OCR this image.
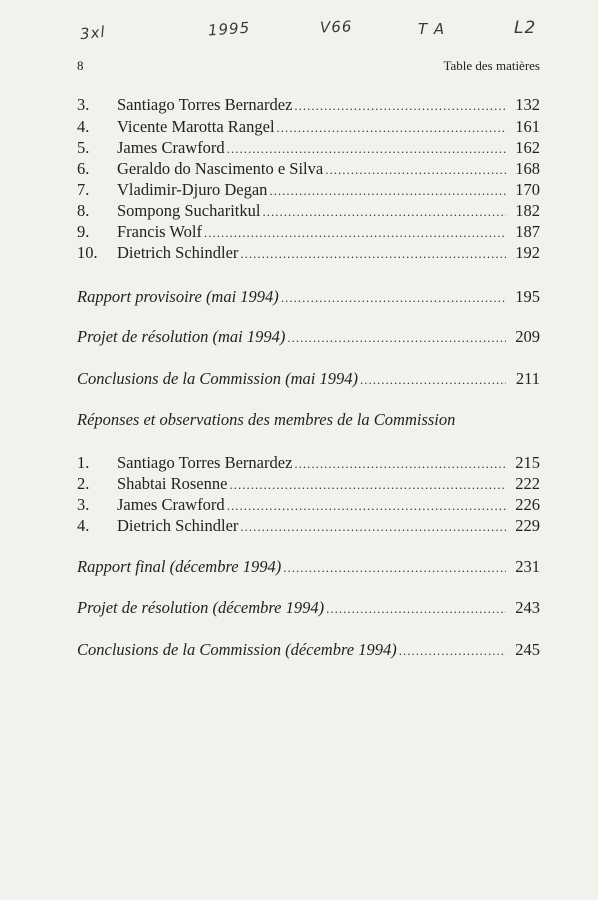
3xl	1995	V66	T A	L2
8	Table des matières
3.	Santiago Torres Bernardez .....	132
4.	Vicente Marotta Rangel .....	161
5.	James Crawford .....	162
6.	Geraldo do Nascimento e Silva .....	168
7.	Vladimir-Djuro Degan .....	170
8.	Sompong Sucharitkul .....	182
9.	Francis Wolf .....	187
10.	Dietrich Schindler .....	192
Rapport provisoire (mai 1994) .....	195
Projet de résolution (mai 1994) .....	209
Conclusions de la Commission (mai 1994) .....	211
Réponses et observations des membres de la Commission
1.	Santiago Torres Bernardez .....	215
2.	Shabtai Rosenne .....	222
3.	James Crawford .....	226
4.	Dietrich Schindler .....	229
Rapport final (décembre 1994) .....	231
Projet de résolution (décembre 1994) .....	243
Conclusions de la Commission (décembre 1994) .....	245
